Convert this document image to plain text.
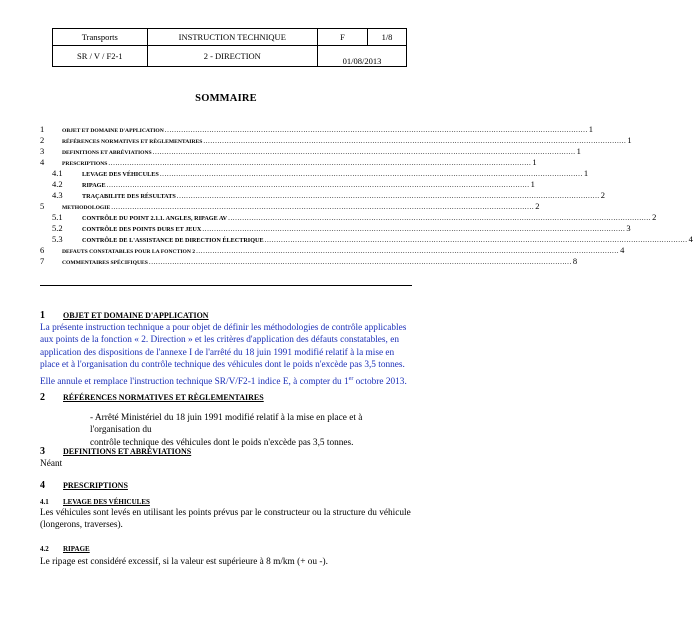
Transports	INSTRUCTION TECHNIQUE	F	1/8
SR / V / F2-1	2 - DIRECTION	01/08/2013	
SOMMAIRE
1	OBJET ET DOMAINE D'APPLICATION .................................................................................................................................................................................... 1
2	RÉFÉRENCES NORMATIVES ET RÈGLEMENTAIRES .................................................................................................................................................................................... 1
3	DEFINITIONS ET ABRÉVIATIONS .................................................................................................................................................................................... 1
4	PRESCRIPTIONS .................................................................................................................................................................................... 1
4.1	LEVAGE DES VÉHICULES .................................................................................................................................................................................... 1
4.2	RIPAGE .................................................................................................................................................................................... 1
4.3	TRAÇABILITE DES RÉSULTATS .................................................................................................................................................................................... 2
5	METHODOLOGIE .................................................................................................................................................................................... 2
5.1	CONTRÔLE DU POINT 2.1.1. ANGLES, RIPAGE AV .................................................................................................................................................................................... 2
5.2	CONTRÔLE DES POINTS DURS ET JEUX .................................................................................................................................................................................... 3
5.3	CONTRÔLE DE L'ASSISTANCE DE DIRECTION ÉLECTRIQUE .................................................................................................................................................................................... 4
6	DEFAUTS CONSTATABLES POUR LA FONCTION 2 .................................................................................................................................................................................... 4
7	COMMENTAIRES SPÉCIFIQUES .................................................................................................................................................................................... 8
1 OBJET ET DOMAINE D'APPLICATION
La présente instruction technique a pour objet de définir les méthodologies de contrôle applicables
aux points de la fonction « 2. Direction » et les critères d'application des défauts constatables, en
application des dispositions de l'annexe I de l'arrêté du 18 juin 1991 modifié relatif à la mise en
place et à l'organisation du contrôle technique des véhicules dont le poids n'excède pas 3,5 tonnes.
Elle annule et remplace l'instruction technique SR/V/F2-1 indice E, à compter du 1er octobre 2013.
2 RÉFÉRENCES NORMATIVES ET RÈGLEMENTAIRES
- Arrêté Ministériel du 18 juin 1991 modifié relatif à la mise en place et à l'organisation du
contrôle technique des véhicules dont le poids n'excède pas 3,5 tonnes.
3 DEFINITIONS ET ABRÉVIATIONS
Néant
4 PRESCRIPTIONS
4.1 LEVAGE DES VÉHICULES
Les véhicules sont levés en utilisant les points prévus par le constructeur ou la structure du véhicule
(longerons, traverses).
4.2 RIPAGE
Le ripage est considéré excessif, si la valeur est supérieure à 8 m/km (+ ou -).
